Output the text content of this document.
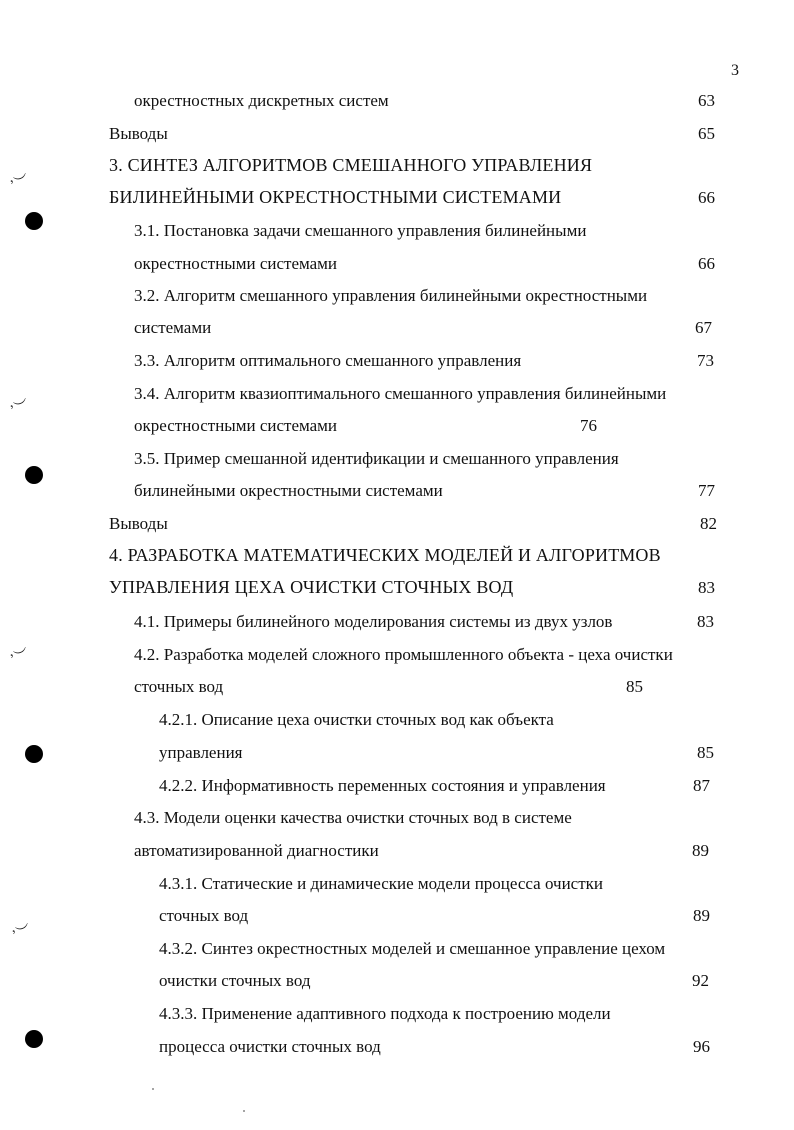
3
окрестностных дискретных систем	63
Выводы	65
3. СИНТЕЗ АЛГОРИТМОВ СМЕШАННОГО УПРАВЛЕНИЯ
БИЛИНЕЙНЫМИ ОКРЕСТНОСТНЫМИ СИСТЕМАМИ	66
3.1. Постановка задачи смешанного управления билинейными
окрестностными системами	66
3.2. Алгоритм смешанного управления билинейными окрестностными
системами	67
3.3. Алгоритм оптимального смешанного управления	73
3.4. Алгоритм квазиоптимального смешанного управления билинейными
окрестностными системами	76
3.5. Пример смешанной идентификации и смешанного управления
билинейными окрестностными системами	77
Выводы	82
4. РАЗРАБОТКА МАТЕМАТИЧЕСКИХ МОДЕЛЕЙ И АЛГОРИТМОВ
УПРАВЛЕНИЯ ЦЕХА ОЧИСТКИ СТОЧНЫХ ВОД	83
4.1. Примеры билинейного моделирования системы из двух узлов	83
4.2. Разработка моделей сложного промышленного объекта - цеха очистки
сточных вод	85
4.2.1. Описание цеха очистки сточных вод как объекта
управления	85
4.2.2. Информативность переменных состояния и управления	87
4.3. Модели оценки качества очистки сточных вод в системе
автоматизированной диагностики	89
4.3.1. Статические и динамические модели процесса очистки
сточных вод	89
4.3.2. Синтез окрестностных моделей и смешанное управление цехом
очистки сточных вод	92
4.3.3. Применение адаптивного подхода к построению модели
процесса очистки сточных вод	96
ʼ︶
ʼ︶
ʼ︶
ʼ︶
